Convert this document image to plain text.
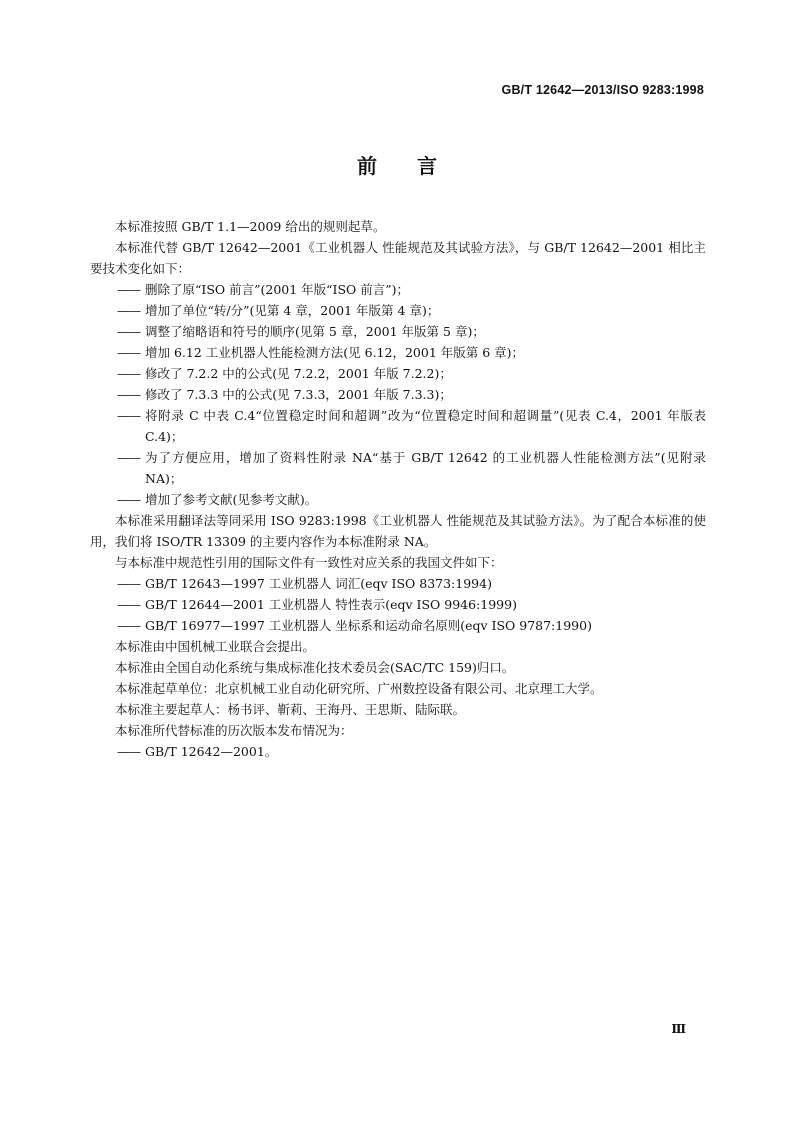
GB/T 12642—2013/ISO 9283:1998
前言
本标准按照 GB/T 1.1—2009 给出的规则起草。
本标准代替 GB/T 12642—2001《工业机器人 性能规范及其试验方法》，与 GB/T 12642—2001 相比主要技术变化如下：
—— 删除了原“ISO 前言”(2001 年版“ISO 前言”)；
—— 增加了单位“转/分”(见第 4 章，2001 年版第 4 章)；
—— 调整了缩略语和符号的顺序(见第 5 章，2001 年版第 5 章)；
—— 增加 6.12 工业机器人性能检测方法(见 6.12，2001 年版第 6 章)；
—— 修改了 7.2.2 中的公式(见 7.2.2，2001 年版 7.2.2)；
—— 修改了 7.3.3 中的公式(见 7.3.3，2001 年版 7.3.3)；
—— 将附录 C 中表 C.4“位置稳定时间和超调”改为“位置稳定时间和超调量”(见表 C.4，2001 年版表 C.4)；
—— 为了方便应用，增加了资料性附录 NA“基于 GB/T 12642 的工业机器人性能检测方法”(见附录 NA)；
—— 增加了参考文献(见参考文献)。
本标准采用翻译法等同采用 ISO 9283:1998《工业机器人 性能规范及其试验方法》。为了配合本标准的使用，我们将 ISO/TR 13309 的主要内容作为本标准附录 NA。
与本标准中规范性引用的国际文件有一致性对应关系的我国文件如下：
—— GB/T 12643—1997 工业机器人 词汇(eqv ISO 8373:1994)
—— GB/T 12644—2001 工业机器人 特性表示(eqv ISO 9946:1999)
—— GB/T 16977—1997 工业机器人 坐标系和运动命名原则(eqv ISO 9787:1990)
本标准由中国机械工业联合会提出。
本标准由全国自动化系统与集成标准化技术委员会(SAC/TC 159)归口。
本标准起草单位：北京机械工业自动化研究所、广州数控设备有限公司、北京理工大学。
本标准主要起草人：杨书评、靳莉、王海丹、王思斯、陆际联。
本标准所代替标准的历次版本发布情况为：
—— GB/T 12642—2001。
Ⅲ
